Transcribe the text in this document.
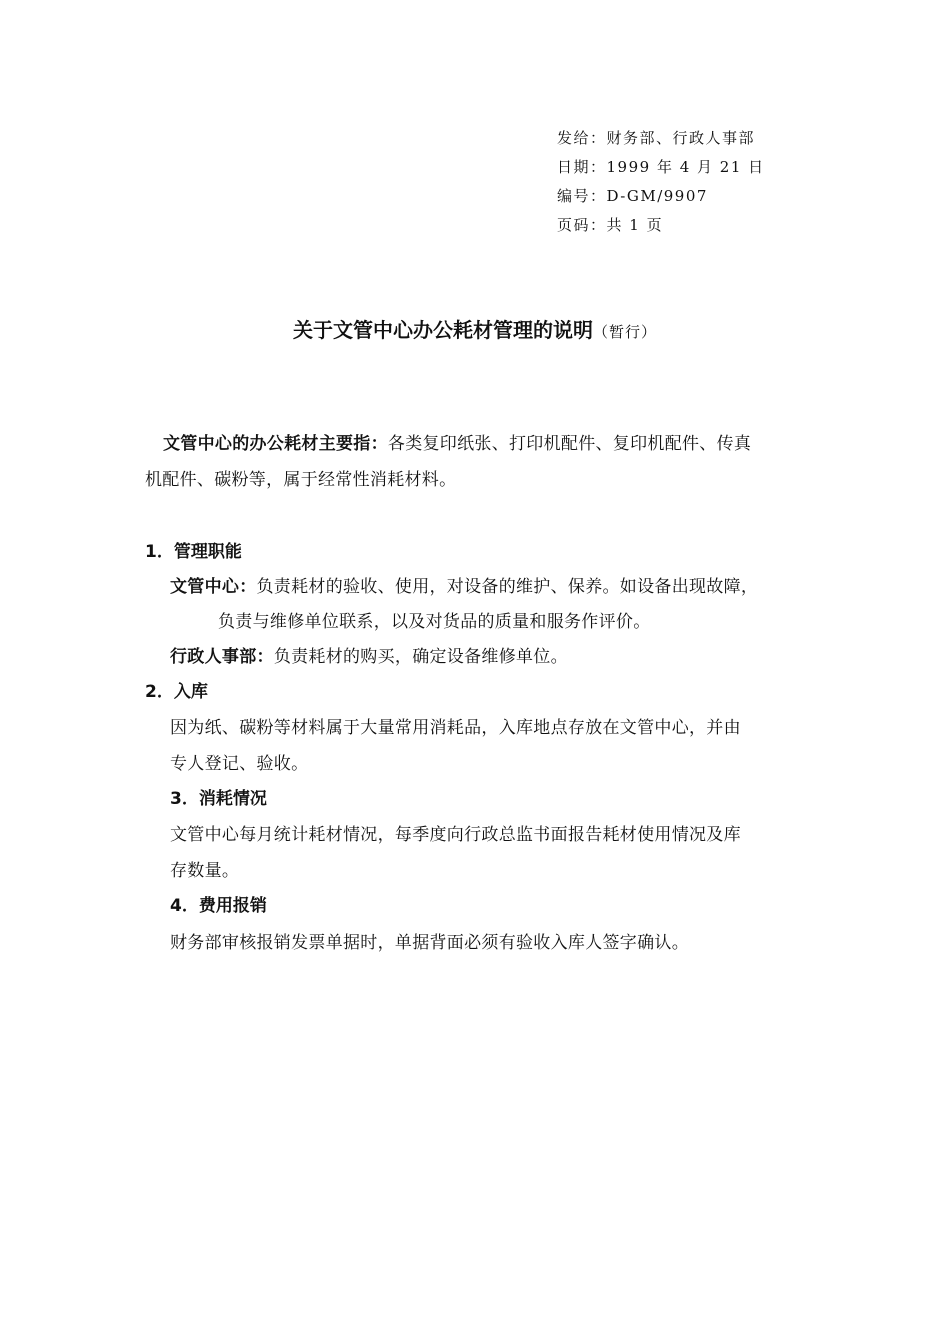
发给：财务部、行政人事部
日期：1999 年 4 月 21 日
编号：D-GM/9907
页码：共 1 页
关于文管中心办公耗材管理的说明（暂行）
文管中心的办公耗材主要指：各类复印纸张、打印机配件、复印机配件、传真
机配件、碳粉等，属于经常性消耗材料。
1．管理职能
文管中心：负责耗材的验收、使用，对设备的维护、保养。如设备出现故障，
负责与维修单位联系，以及对货品的质量和服务作评价。
行政人事部：负责耗材的购买，确定设备维修单位。
2．入库
因为纸、碳粉等材料属于大量常用消耗品，入库地点存放在文管中心，并由
专人登记、验收。
3．消耗情况
文管中心每月统计耗材情况，每季度向行政总监书面报告耗材使用情况及库
存数量。
4．费用报销
财务部审核报销发票单据时，单据背面必须有验收入库人签字确认。
